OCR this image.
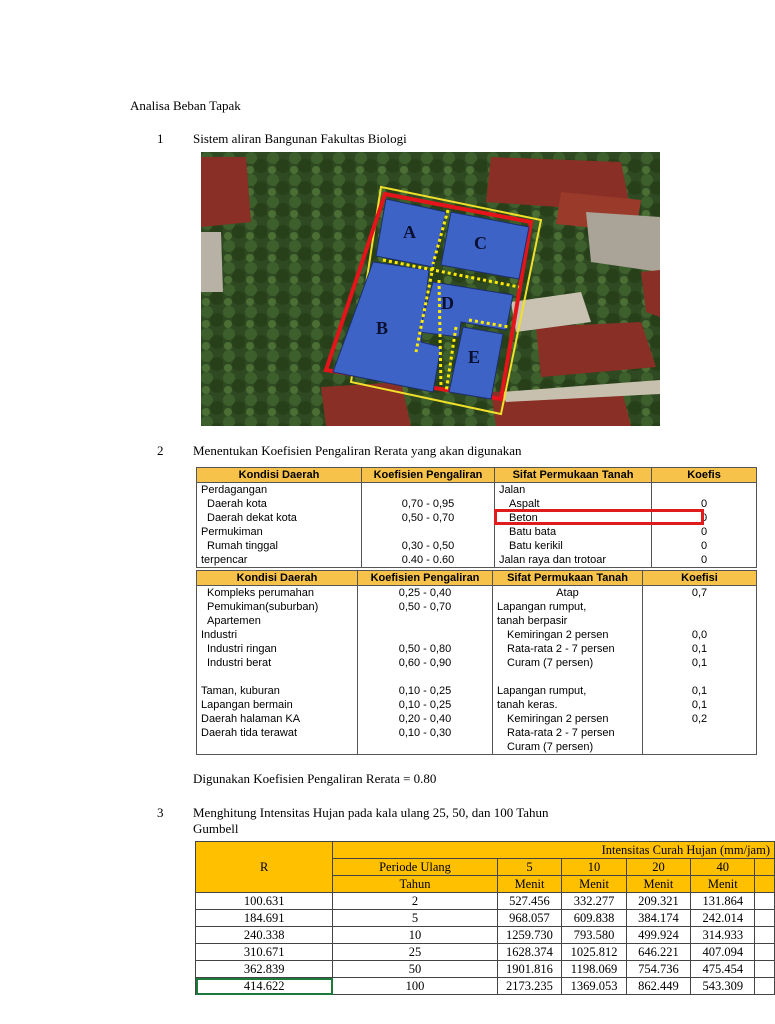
Analisa Beban Tapak
1 Sistem aliran Bangunan Fakultas Biologi
A
B
C
D
E
2 Menentukan Koefisien Pengaliran Rerata yang akan digunakan
Kondisi Daerah	Koefisien Pengaliran	Sifat Permukaan Tanah	Koefis
Perdagangan		Jalan	
Daerah kota	0,70 - 0,95	Aspalt	0
Daerah dekat kota	0,50 - 0,70	Beton	0
Permukiman		Batu bata	0
Rumah tinggal	0,30 - 0,50	Batu kerikil	0
terpencar	0.40 - 0.60	Jalan raya dan trotoar	0
Kondisi Daerah	Koefisien Pengaliran	Sifat Permukaan Tanah	Koefisi
Kompleks perumahan	0,25 - 0,40	Atap	0,7
Pemukiman(suburban)	0,50 - 0,70	Lapangan rumput,	
Apartemen		tanah berpasir	
Industri		Kemiringan 2 persen	0,0
Industri ringan	0,50 - 0,80	Rata-rata 2 - 7 persen	0,1
Industri berat	0,60 - 0,90	Curam (7 persen)	0,1

Taman, kuburan	0,10 - 0,25	Lapangan rumput,	0,1
Lapangan bermain	0,10 - 0,25	tanah keras.	0,1
Daerah halaman KA	0,20 - 0,40	Kemiringan 2 persen	0,2
Daerah tida terawat	0,10 - 0,30	Rata-rata 2 - 7 persen	
		Curam (7 persen)	
Digunakan Koefisien Pengaliran Rerata = 0.80
3 Menghitung Intensitas Hujan pada kala ulang 25, 50, dan 100 Tahun
Gumbell
R	Intensitas Curah Hujan (mm/jam)					
	Periode Ulang	5	10	20	40	
	Tahun	Menit	Menit	Menit	Menit	
100.631	2	527.456	332.277	209.321	131.864	
184.691	5	968.057	609.838	384.174	242.014	
240.338	10	1259.730	793.580	499.924	314.933	
310.671	25	1628.374	1025.812	646.221	407.094	
362.839	50	1901.816	1198.069	754.736	475.454	
414.622	100	2173.235	1369.053	862.449	543.309	
